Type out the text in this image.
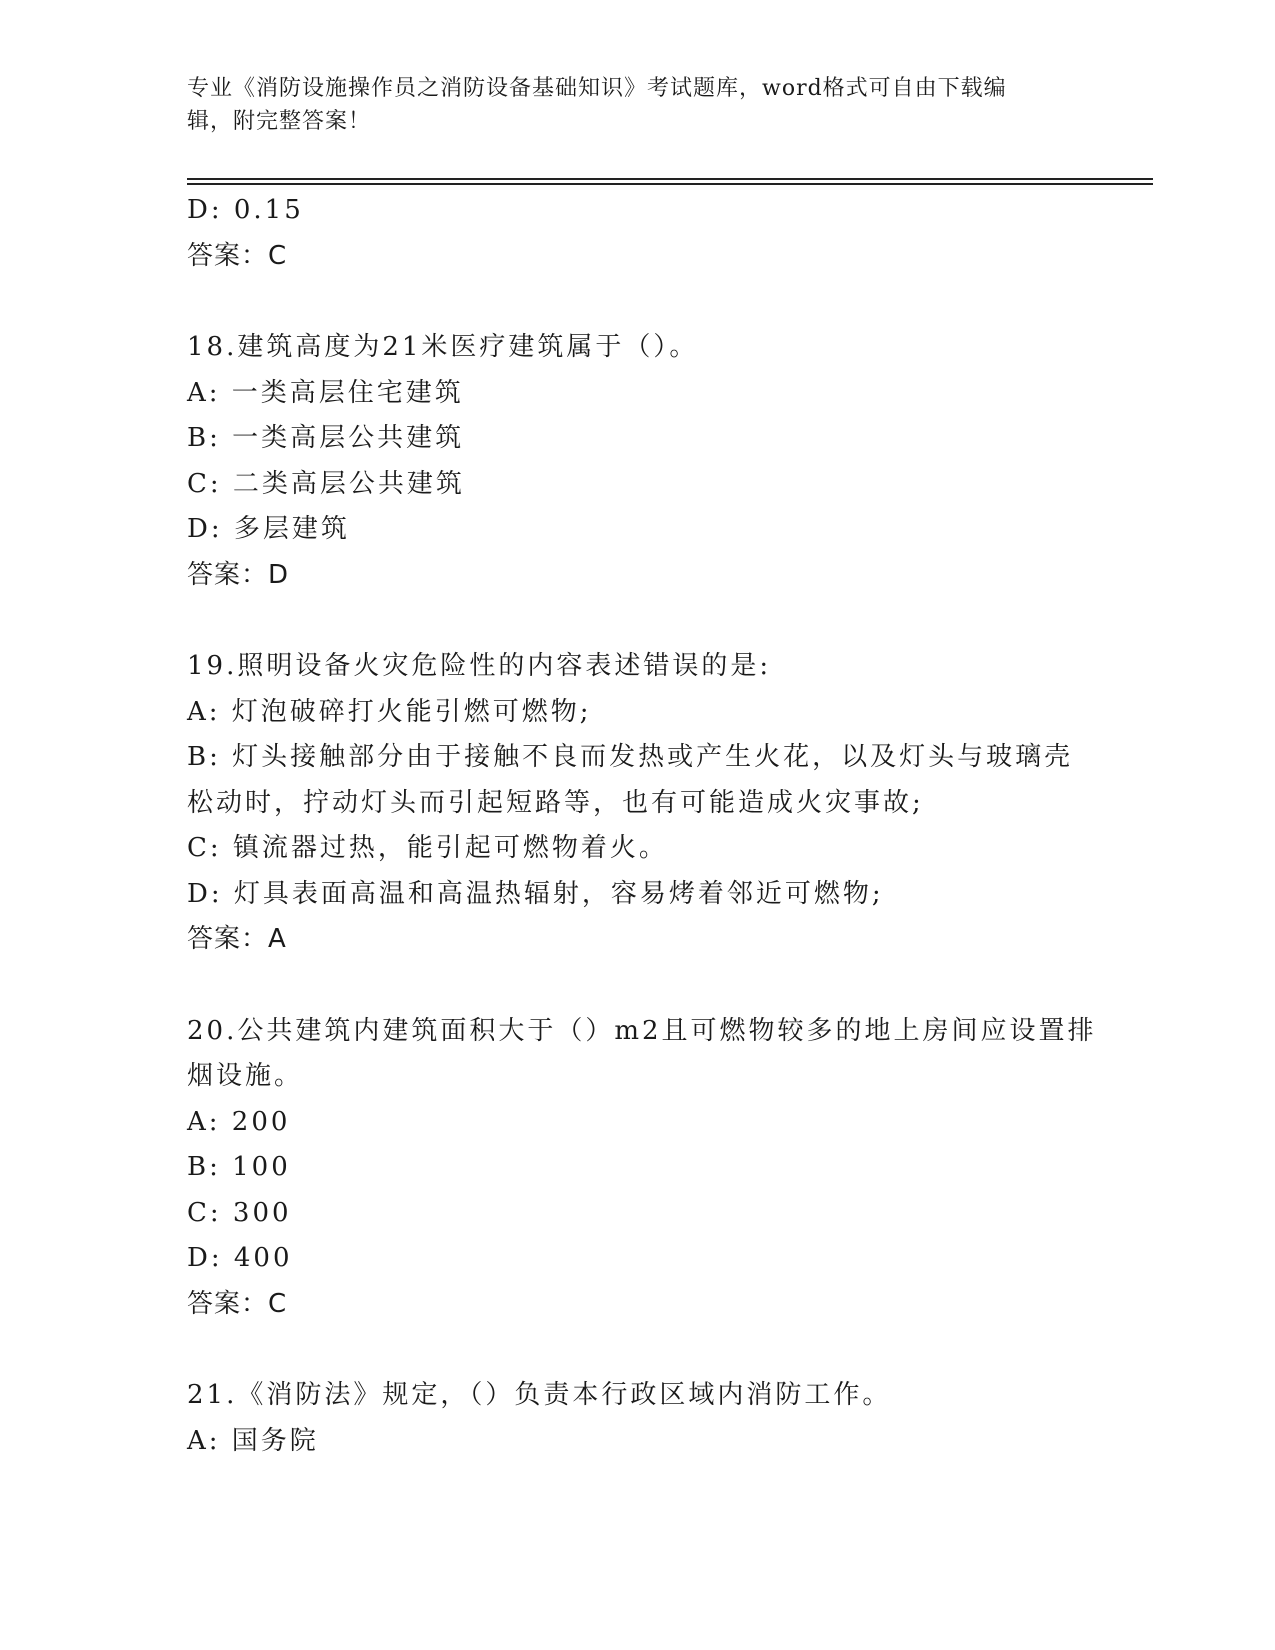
专业《消防设施操作员之消防设备基础知识》考试题库，word格式可自由下载编
辑，附完整答案！
D: 0.15
答案：C
18.建筑高度为21米医疗建筑属于（）。
A: 一类高层住宅建筑
B: 一类高层公共建筑
C: 二类高层公共建筑
D: 多层建筑
答案：D
19.照明设备火灾危险性的内容表述错误的是:
A: 灯泡破碎打火能引燃可燃物;
B: 灯头接触部分由于接触不良而发热或产生火花，以及灯头与玻璃壳
松动时，拧动灯头而引起短路等，也有可能造成火灾事故;
C: 镇流器过热，能引起可燃物着火。
D: 灯具表面高温和高温热辐射，容易烤着邻近可燃物;
答案：A
20.公共建筑内建筑面积大于（）m2且可燃物较多的地上房间应设置排
烟设施。
A: 200
B: 100
C: 300
D: 400
答案：C
21.《消防法》规定，（）负责本行政区域内消防工作。
A: 国务院
